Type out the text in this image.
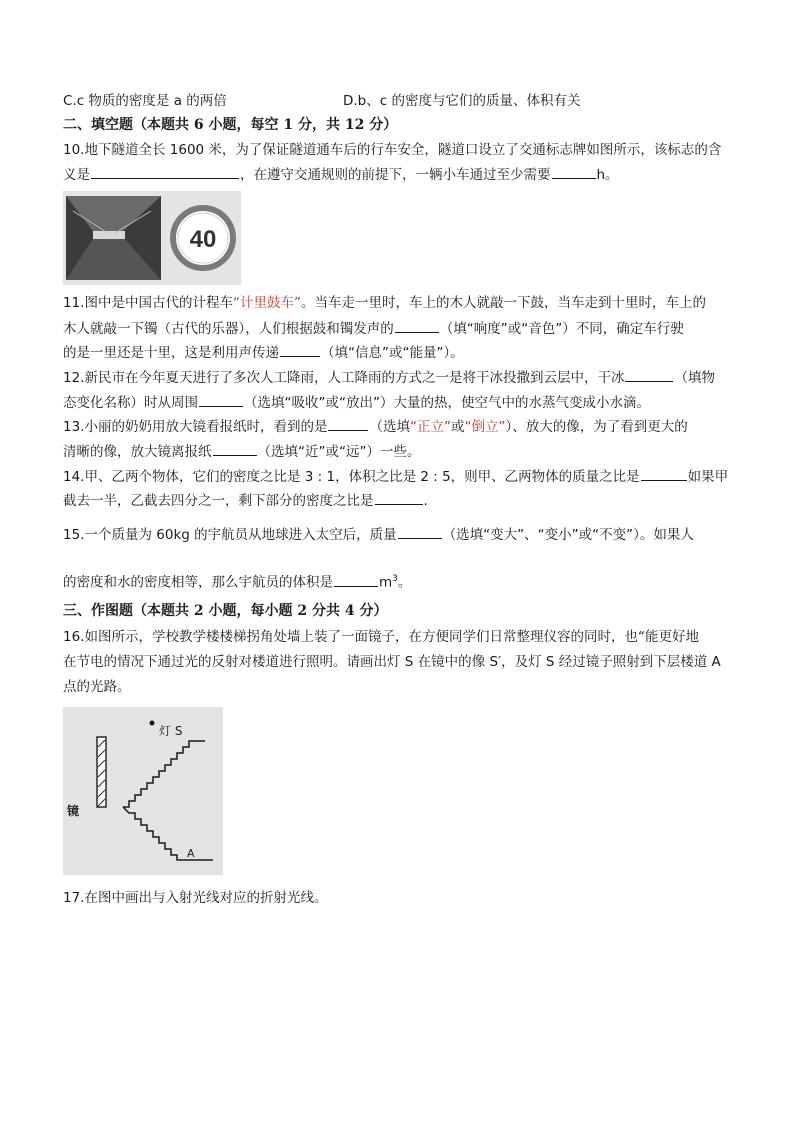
C.c 物质的密度是 a 的两倍	D.b、c 的密度与它们的质量、体积有关
二、填空题（本题共 6 小题，每空 1 分，共 12 分）
10.地下隧道全长 1600 米，为了保证隧道通车后的行车安全，隧道口设立了交通标志牌如图所示，该标志的含
义是	，在遵守交通规则的前提下，一辆小车通过至少需要	h。
40
11.图中是中国古代的计程车“计里鼓车”。当车走一里时，车上的木人就敲一下鼓，当车走到十里时，车上的
木人就敲一下镯（古代的乐器），人们根据鼓和镯发声的	（填“响度”或“音色”）不同，确定车行驶
的是一里还是十里，这是利用声传递	（填“信息”或“能量”）。
12.新民市在今年夏天进行了多次人工降雨，人工降雨的方式之一是将干冰投撒到云层中，干冰	（填物
态变化名称）时从周围	（选填“吸收”或“放出”）大量的热，使空气中的水蒸气变成小水滴。
13.小丽的奶奶用放大镜看报纸时，看到的是	（选填“正立”或“倒立”）、放大的像，为了看到更大的
清晰的像，放大镜离报纸	（选填“近”或“远”）一些。
14.甲、乙两个物体，它们的密度之比是 3 : 1，体积之比是 2 : 5，则甲、乙两物体的质量之比是	如果甲
截去一半，乙截去四分之一，剩下部分的密度之比是	.
15.一个质量为 60kg 的宇航员从地球进入太空后，质量	（选填“变大”、“变小”或“不变”）。如果人
的密度和水的密度相等，那么宇航员的体积是	$m^3$。
三、作图题（本题共 2 小题，每小题 2 分共 4 分）
16.如图所示，学校教学楼楼梯拐角处墙上装了一面镜子，在方便同学们日常整理仪容的同时，也“能更好地
在节电的情况下通过光的反射对楼道进行照明。请画出灯 S 在镜中的像 S′，及灯 S 经过镜子照射到下层楼道 A
点的光路。
灯 S
镜
A
17.在图中画出与入射光线对应的折射光线。
